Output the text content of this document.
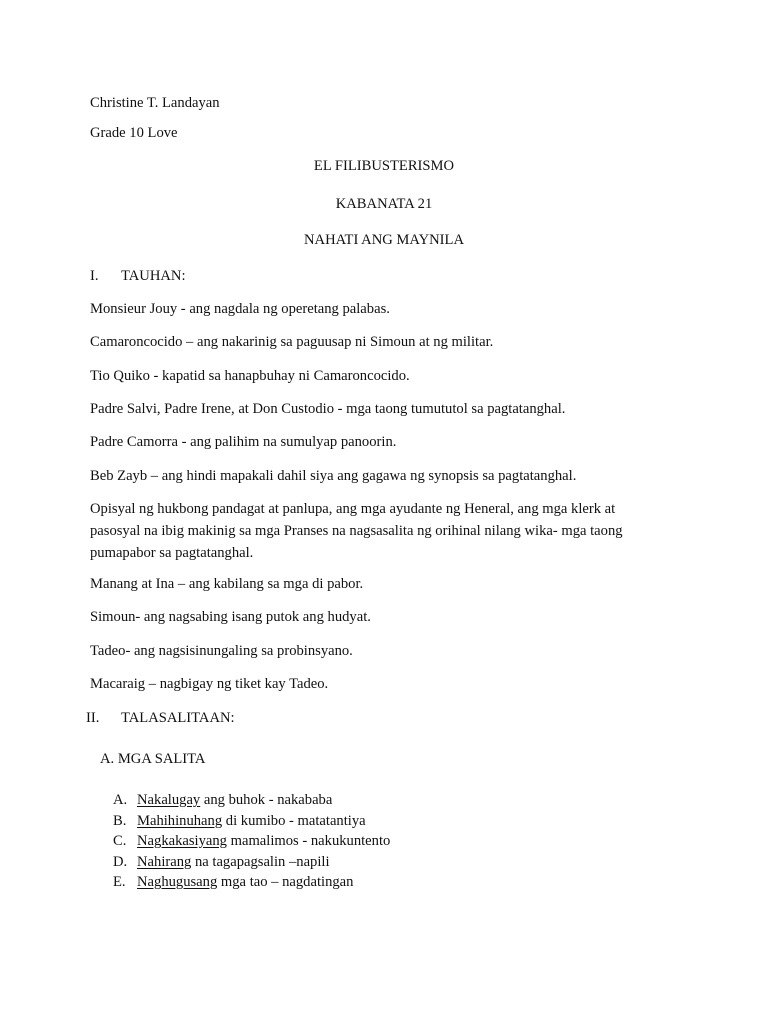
Christine T. Landayan
Grade 10 Love
EL FILIBUSTERISMO
KABANATA 21
NAHATI ANG MAYNILA
I. TAUHAN:
Monsieur Jouy - ang nagdala ng operetang palabas.
Camaroncocido – ang nakarinig sa paguusap ni Simoun at ng militar.
Tio Quiko - kapatid sa hanapbuhay ni Camaroncocido.
Padre Salvi, Padre Irene, at Don Custodio - mga taong tumututol sa pagtatanghal.
Padre Camorra - ang palihim na sumulyap panoorin.
Beb Zayb – ang hindi mapakali dahil siya ang gagawa ng synopsis sa pagtatanghal.
Opisyal ng hukbong pandagat at panlupa, ang mga ayudante ng Heneral, ang mga klerk at pasosyal na ibig makinig sa mga Pranses na nagsasalita ng orihinal nilang wika- mga taong pumapabor sa pagtatanghal.
Manang at Ina – ang kabilang sa mga di pabor.
Simoun- ang nagsabing isang putok ang hudyat.
Tadeo- ang nagsisinungaling sa probinsyano.
Macaraig – nagbigay ng tiket kay Tadeo.
II. TALASALITAAN:
A. MGA SALITA
A. Nakalugay ang buhok - nakababa
B. Mahihinuhang di kumibo - matatantiya
C. Nagkakasiyang mamalimos - nakukuntento
D. Nahirang na tagapagsalin –napili
E. Naghugusang mga tao – nagdatingan
